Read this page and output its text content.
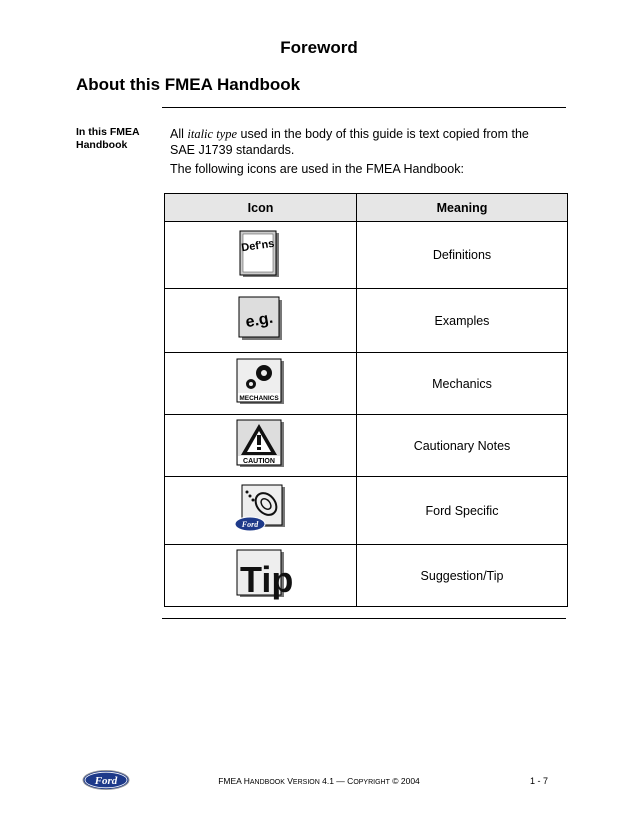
Foreword
About this FMEA Handbook
In this FMEA Handbook
All italic type used in the body of this guide is text copied from the SAE J1739 standards.
The following icons are used in the FMEA Handbook:
Icon	Meaning

Def'ns	Definitions

e.g.	Examples

MECHANICS	Mechanics

CAUTION	Cautionary Notes

Ford	Ford Specific

Tip	Suggestion/Tip
Ford	FMEA HANDBOOK VERSION 4.1 — COPYRIGHT © 2004	1 - 7
